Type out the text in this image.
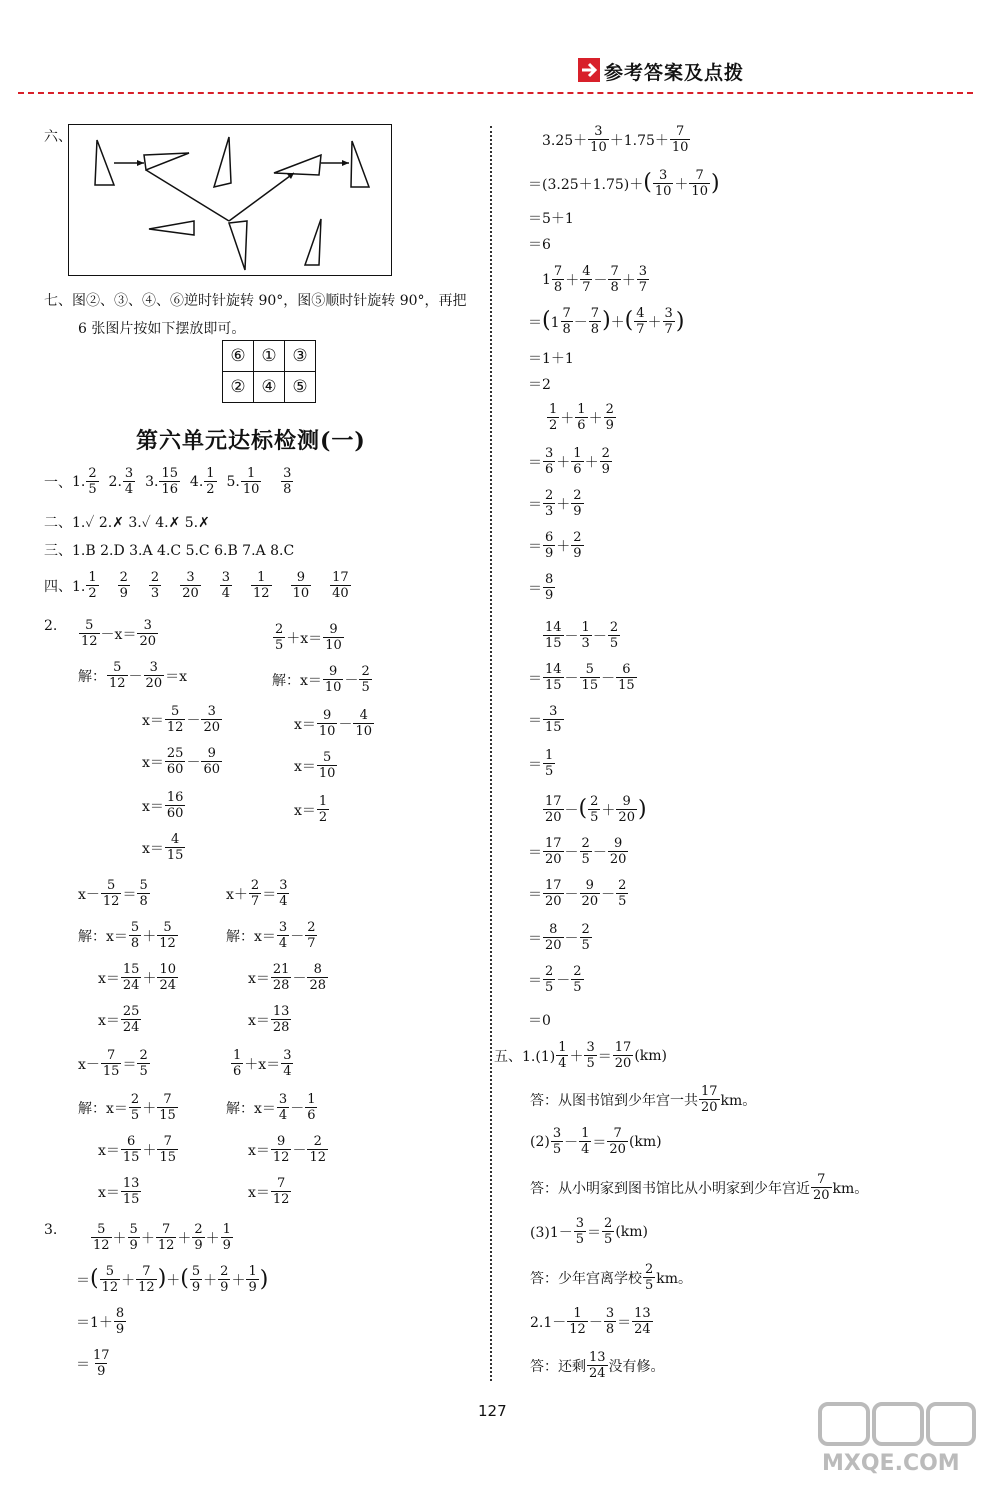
参考答案及点拨
六、
七、图②、③、④、⑥逆时针旋转 90°，图⑤顺时针旋转 90°，再把
6 张图片按如下摆放即可。
⑥	①	③
②	④	⑤
第六单元达标检测(一)
一、 1. $\frac{2}{5}$
2. $\frac{3}{4}$
3. $\frac{15}{16}$
4. $\frac{1}{2}$
5. $\frac{1}{10}$
$\frac{3}{8}$
二、1.✓ 2.✗ 3.✓ 4.✗ 5.✗
三、1.B 2.D 3.A 4.C 5.C 6.B 7.A 8.C
四、1. $\frac{1}{2} \frac{2}{9} \frac{2}{3} \frac{3}{20} \frac{3}{4} \frac{1}{12} \frac{9}{10} \frac{17}{40}$
2. $\frac{5}{12} -x= \frac{3}{20}$	$\frac{2}{5} +x= \frac{9}{10}$
解： $\frac{5}{12} - \frac{3}{20} =x$	解：$x= \frac{9}{10} - \frac{2}{5}$
$x= \frac{5}{12} - \frac{3}{20}$	$x= \frac{9}{10} - \frac{4}{10}$
$x= \frac{25}{60} - \frac{9}{60}$	$x= \frac{5}{10}$
$x= \frac{16}{60}$	$x= \frac{1}{2}$
$x= \frac{4}{15}$
$x- \frac{5}{12} = \frac{5}{8}$	$x+ \frac{2}{7} = \frac{3}{4}$
解：$x= \frac{5}{8} + \frac{5}{12}$	解：$x= \frac{3}{4} - \frac{2}{7}$
$x= \frac{15}{24} + \frac{10}{24}$	$x= \frac{21}{28} - \frac{8}{28}$
$x= \frac{25}{24}$	$x= \frac{13}{28}$
$x- \frac{7}{15} = \frac{2}{5}$	$\frac{1}{6} +x= \frac{3}{4}$
解：$x= \frac{2}{5} + \frac{7}{15}$	解：$x= \frac{3}{4} - \frac{1}{6}$
$x= \frac{6}{15} + \frac{7}{15}$	$x= \frac{9}{12} - \frac{2}{12}$
$x= \frac{13}{15}$	$x= \frac{7}{12}$
3.	$\frac{5}{12} + \frac{5}{9} + \frac{7}{12} + \frac{2}{9} + \frac{1}{9}$
＝( $\frac{5}{12} + \frac{7}{12}$ )＋( $\frac{5}{9} + \frac{2}{9} + \frac{1}{9}$ )
$=1+ \frac{8}{9}$
＝ $\frac{17}{9}$
$3.25+ \frac{3}{10} +1.75+ \frac{7}{10}$
$=(3.25+1.75)+( \frac{3}{10} + \frac{7}{10}$ )
＝5＋1
＝6
$1 \frac{7}{8} + \frac{4}{7} - \frac{7}{8} + \frac{3}{7}$
$=(1 \frac{7}{8} - \frac{7}{8}$ )＋( $\frac{4}{7} + \frac{3}{7}$ )
＝1＋1
＝2
$\frac{1}{2} + \frac{1}{6} + \frac{2}{9}$
＝ $\frac{3}{6} + \frac{1}{6} + \frac{2}{9}$
＝ $\frac{2}{3} + \frac{2}{9}$
＝ $\frac{6}{9} + \frac{2}{9}$
＝ $\frac{8}{9}$
$\frac{14}{15} - \frac{1}{3} - \frac{2}{5}$
＝ $\frac{14}{15} - \frac{5}{15} - \frac{6}{15}$
＝ $\frac{3}{15}$
＝ $\frac{1}{5}$
$\frac{17}{20}$ －( $\frac{2}{5} + \frac{9}{20}$ )
＝ $\frac{17}{20} - \frac{2}{5} - \frac{9}{20}$
＝ $\frac{17}{20} - \frac{9}{20} - \frac{2}{5}$
＝ $\frac{8}{20} - \frac{2}{5}$
＝ $\frac{2}{5} - \frac{2}{5}$
＝0
五、$1.(1) \frac{1}{4} + \frac{3}{5} = \frac{17}{20} (km)$
答：从图书馆到少年宫一共 $\frac{17}{20}$ km。
$(2) \frac{3}{5} - \frac{1}{4} = \frac{7}{20} (km)$
答：从小明家到图书馆比从小明家到少年宫近 $\frac{7}{20}$ km。
$(3)1- \frac{3}{5} = \frac{2}{5} (km)$
答：少年宫离学校 $\frac{2}{5}$ km。
$2.1- \frac{1}{12} - \frac{3}{8} = \frac{13}{24}$
答：还剩 $\frac{13}{24}$ 没有修。
127
MXQE.COM
